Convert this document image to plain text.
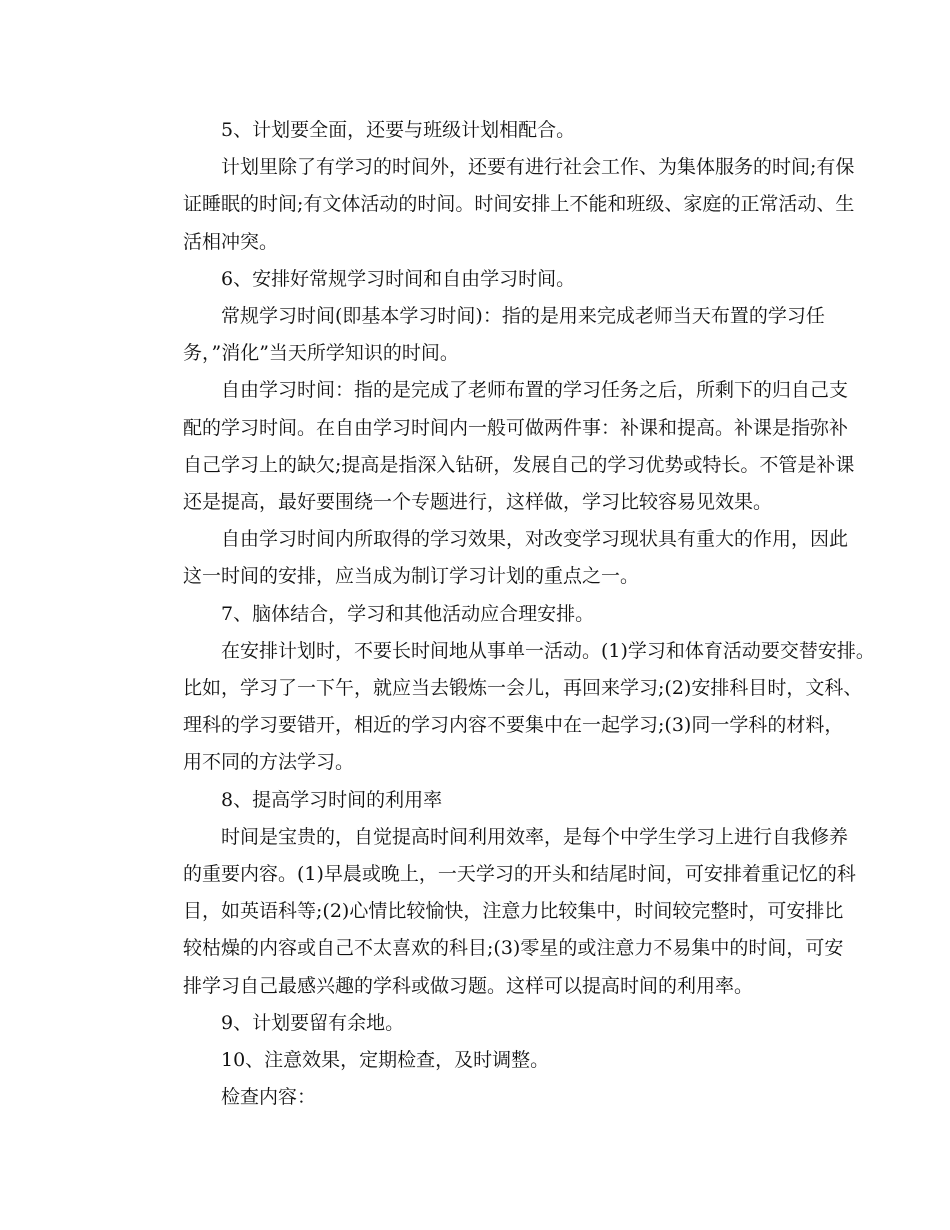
5、计划要全面，还要与班级计划相配合。
计划里除了有学习的时间外，还要有进行社会工作、为集体服务的时间;有保
证睡眠的时间;有文体活动的时间。时间安排上不能和班级、家庭的正常活动、生
活相冲突。
6、安排好常规学习时间和自由学习时间。
常规学习时间(即基本学习时间)：指的是用来完成老师当天布置的学习任
务，”消化”当天所学知识的时间。
自由学习时间：指的是完成了老师布置的学习任务之后，所剩下的归自己支
配的学习时间。在自由学习时间内一般可做两件事：补课和提高。补课是指弥补
自己学习上的缺欠;提高是指深入钻研，发展自己的学习优势或特长。不管是补课
还是提高，最好要围绕一个专题进行，这样做，学习比较容易见效果。
自由学习时间内所取得的学习效果，对改变学习现状具有重大的作用，因此
这一时间的安排，应当成为制订学习计划的重点之一。
7、脑体结合，学习和其他活动应合理安排。
在安排计划时，不要长时间地从事单一活动。(1)学习和体育活动要交替安排。
比如，学习了一下午，就应当去锻炼一会儿，再回来学习;(2)安排科目时，文科、
理科的学习要错开，相近的学习内容不要集中在一起学习;(3)同一学科的材料，
用不同的方法学习。
8、提高学习时间的利用率
时间是宝贵的，自觉提高时间利用效率，是每个中学生学习上进行自我修养
的重要内容。(1)早晨或晚上，一天学习的开头和结尾时间，可安排着重记忆的科
目，如英语科等;(2)心情比较愉快，注意力比较集中，时间较完整时，可安排比
较枯燥的内容或自己不太喜欢的科目;(3)零星的或注意力不易集中的时间，可安
排学习自己最感兴趣的学科或做习题。这样可以提高时间的利用率。
9、计划要留有余地。
10、注意效果，定期检查，及时调整。
检查内容：
